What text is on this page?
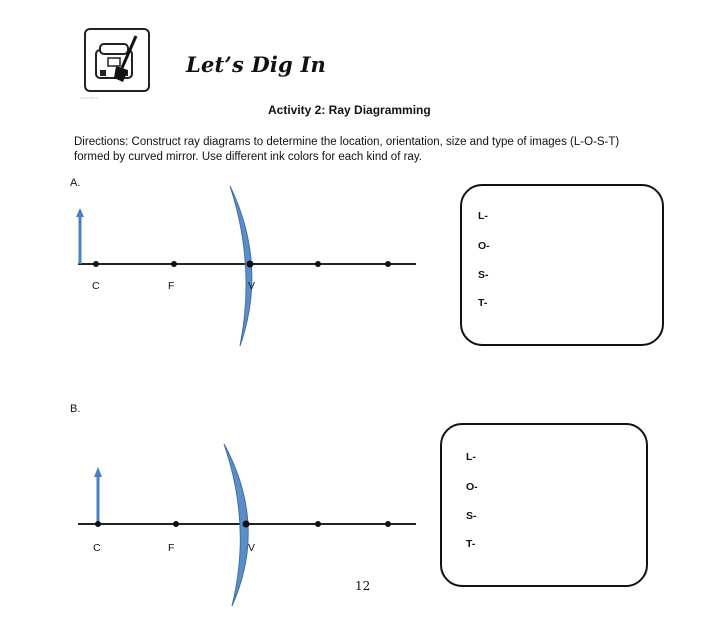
LET'S DIG IN
Let’s Dig In
Activity 2: Ray Diagramming
Directions: Construct ray diagrams to determine the location, orientation, size and type of images (L-O-S-T) formed by curved mirror. Use different ink colors for each kind of ray.
A.
B.
C	F	V
C	F	V
L-
O-
S-
T-
L-
O-
S-
T-
12
